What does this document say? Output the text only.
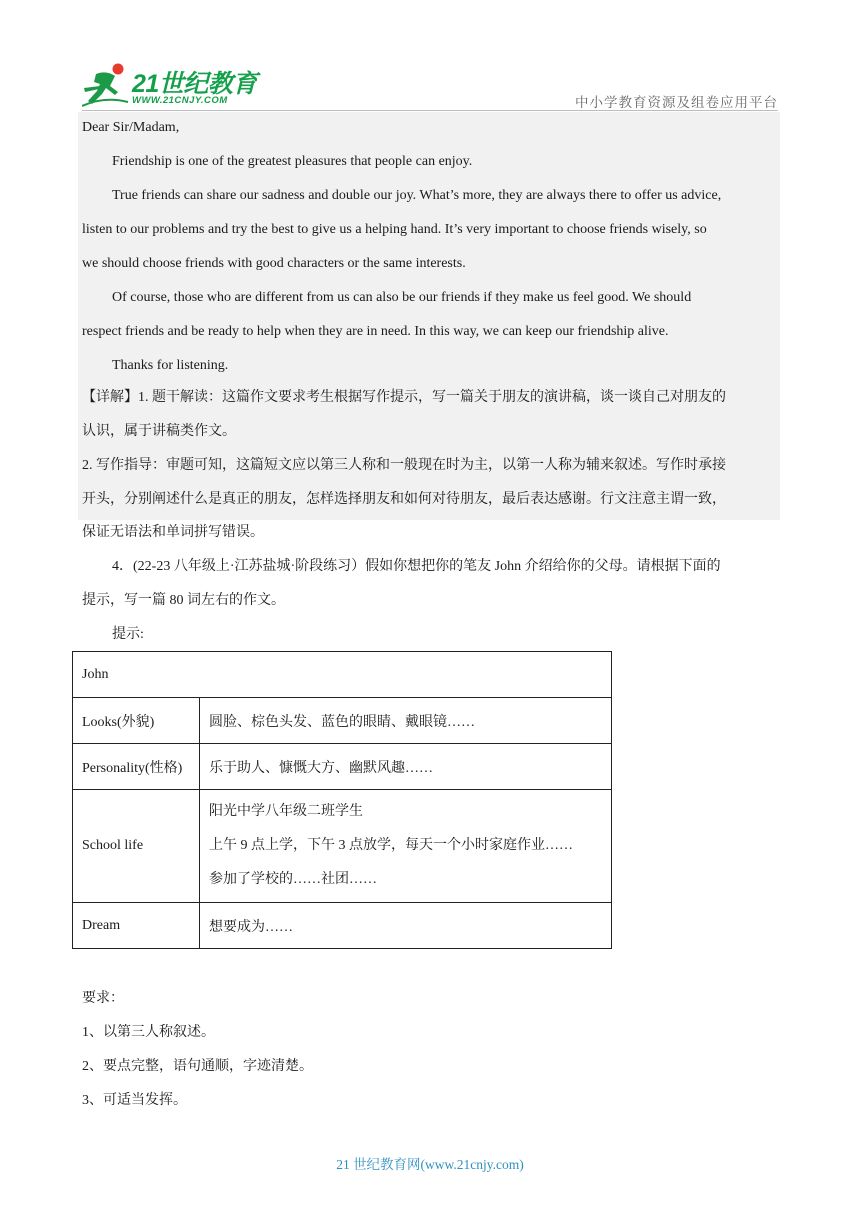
21世纪教育
WWW.21CNJY.COM	中小学教育资源及组卷应用平台
Dear Sir/Madam,
Friendship is one of the greatest pleasures that people can enjoy.
True friends can share our sadness and double our joy. What’s more, they are always there to offer us advice,
listen to our problems and try the best to give us a helping hand. It’s very important to choose friends wisely, so
we should choose friends with good characters or the same interests.
Of course, those who are different from us can also be our friends if they make us feel good. We should
respect friends and be ready to help when they are in need. In this way, we can keep our friendship alive.
Thanks for listening.
【详解】1. 题干解读：这篇作文要求考生根据写作提示，写一篇关于朋友的演讲稿，谈一谈自己对朋友的
认识，属于讲稿类作文。
2. 写作指导：审题可知，这篇短文应以第三人称和一般现在时为主，以第一人称为辅来叙述。写作时承接
开头，分别阐述什么是真正的朋友，怎样选择朋友和如何对待朋友，最后表达感谢。行文注意主谓一致，
保证无语法和单词拼写错误。
4．(22-23 八年级上·江苏盐城·阶段练习）假如你想把你的笔友 John 介绍给你的父母。请根据下面的
提示，写一篇 80 词左右的作文。
提示:
John	
Looks(外貌)	圆脸、棕色头发、蓝色的眼睛、戴眼镜……
Personality(性格)	乐于助人、慷慨大方、幽默风趣……
School life	阳光中学八年级二班学生
上午 9 点上学，下午 3 点放学，每天一个小时家庭作业……
参加了学校的……社团……

Dream	想要成为……
要求：
1、以第三人称叙述。
2、要点完整，语句通顺，字迹清楚。
3、可适当发挥。
21 世纪教育网(www.21cnjy.com)
